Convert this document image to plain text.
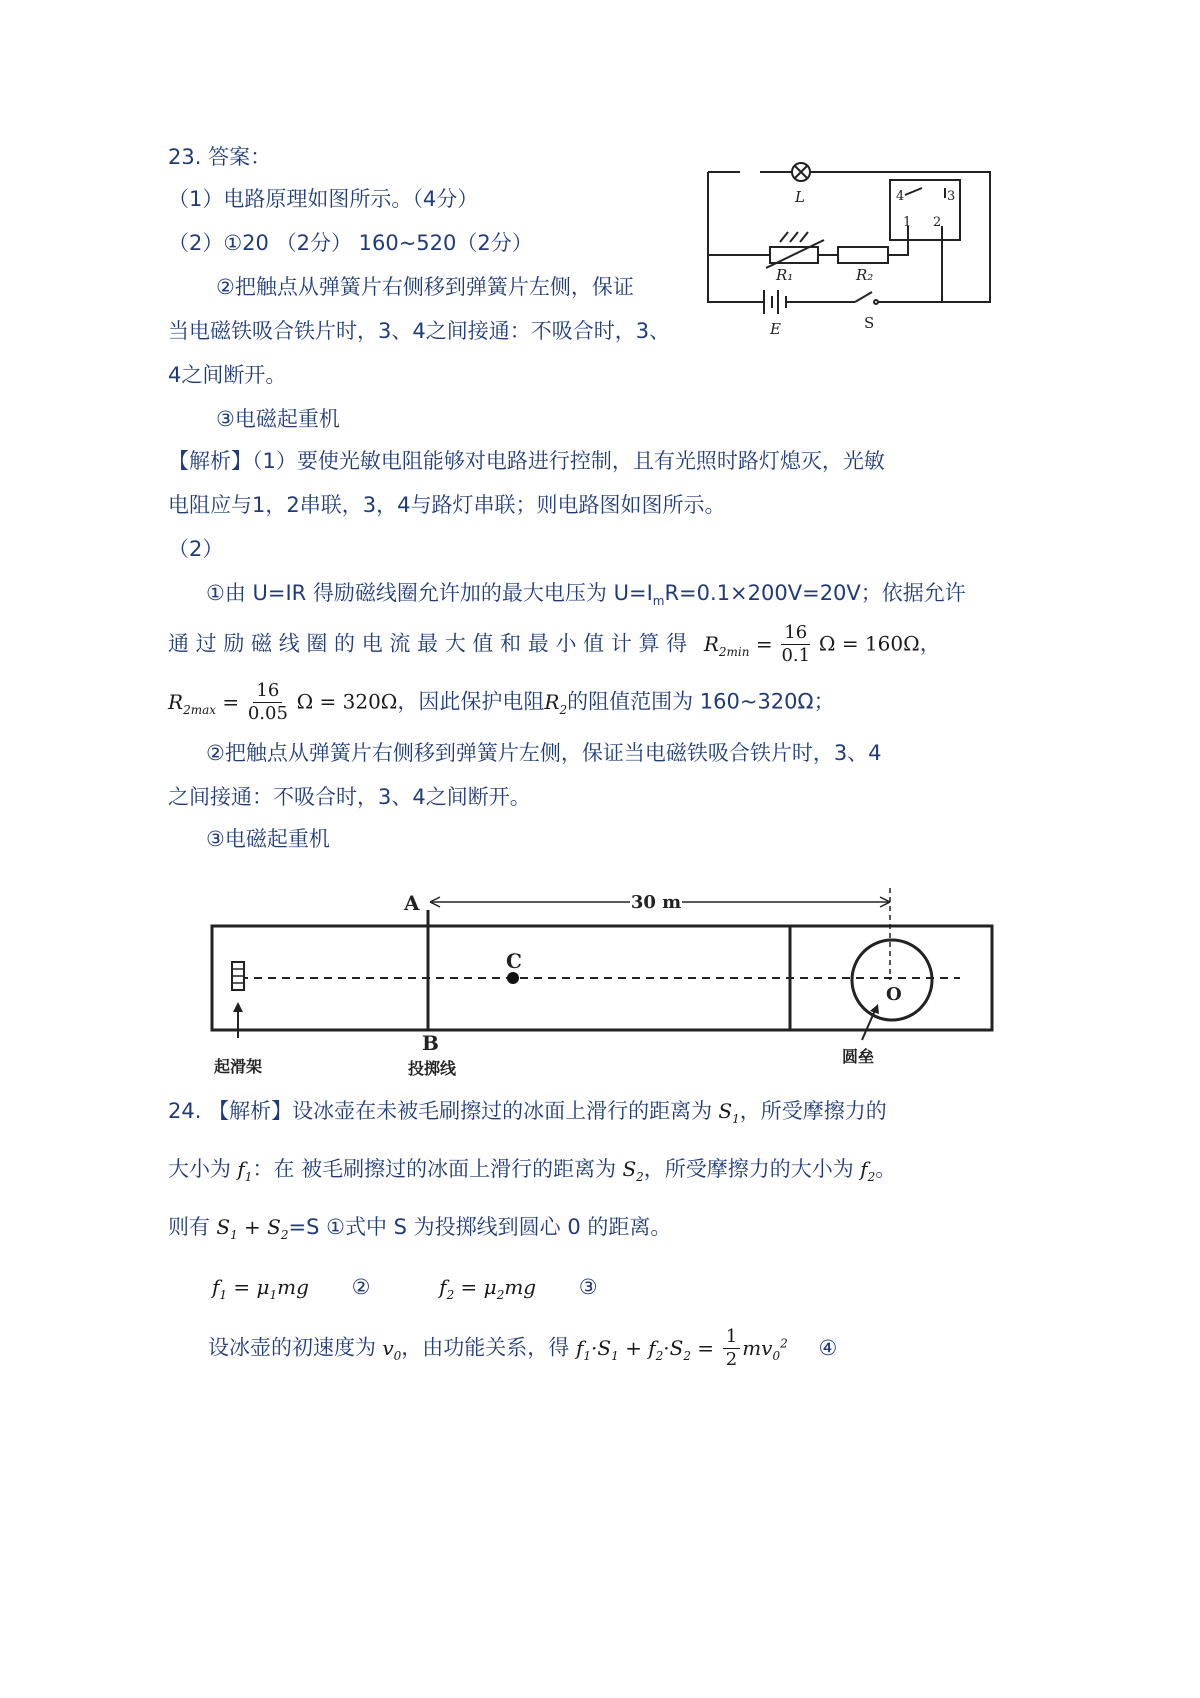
23. 答案：
（1）电路原理如图所示。（4分）
（2）①20 （2分） 160~520（2分）
②把触点从弹簧片右侧移到弹簧片左侧，保证
当电磁铁吸合铁片时，3、4之间接通：不吸合时，3、
4之间断开。
③电磁起重机
【解析】（1）要使光敏电阻能够对电路进行控制，且有光照时路灯熄灭，光敏
电阻应与1，2串联，3，4与路灯串联；则电路图如图所示。
（2）
①由 U=IR 得励磁线圈允许加的最大电压为 $U=I_mR=0.1\times 200V=20V$；依据允许
通 过 励 磁 线 圈 的 电 流 最 大 值 和 最 小 值 计 算 得 $R_{2min} = \frac{16}{0.1}$ Ω = 160Ω，
$R_{2max} = \frac{16}{0.05}$ Ω = 320Ω，因此保护电阻$R_2$的阻值范围为 160~320Ω；
②把触点从弹簧片右侧移到弹簧片左侧，保证当电磁铁吸合铁片时，3、4
之间接通：不吸合时，3、4之间断开。
③电磁起重机
L
R₁	R₂
E	S
4	3
1 2
A
B
C
O
30 m
起滑架	投掷线
圆垒
24. 【解析】设冰壶在未被毛刷擦过的冰面上滑行的距离为 $S_1$，所受摩擦力的
大小为 $f_1$：在 被毛刷擦过的冰面上滑行的距离为 $S_2$，所受摩擦力的大小为 $f_2$。
则有 $S_1 + S_2=S$ ①式中 S 为投掷线到圆心 0 的距离。
$f_1 = \mu_1mg$ ②	$f_2 = \mu_2mg$ ③
设冰壶的初速度为 $v_0$，由功能关系，得 $f_1\cdot S_1 + f_2\cdot S_2 = \frac{1}{2} mv_0^2$ ④
